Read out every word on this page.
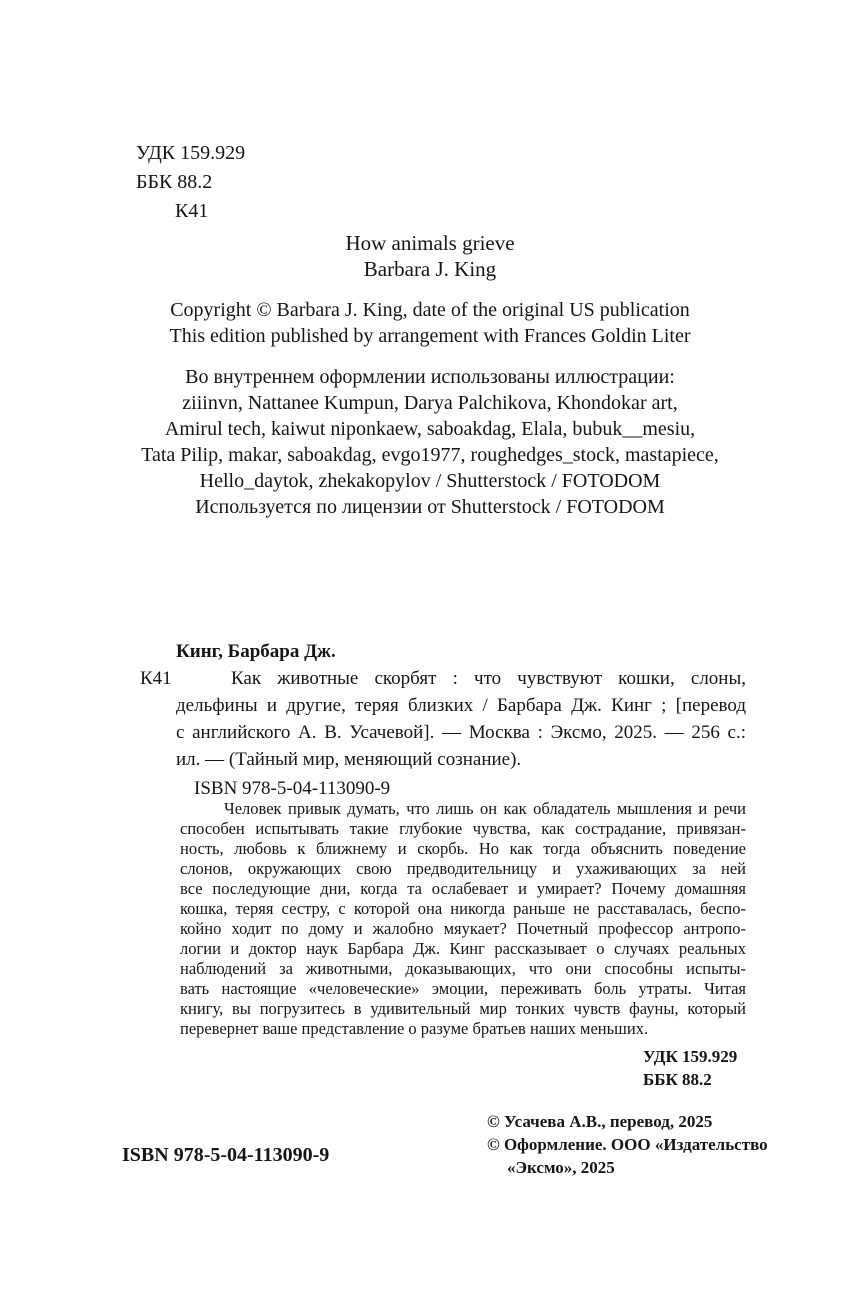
УДК 159.929
ББК 88.2
К41
How animals grieve
Barbara J. King
Copyright © Barbara J. King, date of the original US publication
This edition published by arrangement with Frances Goldin Liter
Во внутреннем оформлении использованы иллюстрации:
ziiinvn, Nattanee Kumpun, Darya Palchikova, Khondokar art,
Amirul tech, kaiwut niponkaew, saboakdag, Elala, bubuk__mesiu,
Tata Pilip, makar, saboakdag, evgo1977, roughedges_stock, mastapiece,
Hello_daytok, zhekakopylov / Shutterstock / FOTODOM
Используется по лицензии от Shutterstock / FOTODOM
Кинг, Барбара Дж.
К41	Как животные скорбят : что чувствуют кошки, слоны,
дельфины и другие, теряя близких / Барбара Дж. Кинг ; [перевод
с английского А. В. Усачевой]. — Москва : Эксмо, 2025. — 256 с.:
ил. — (Тайный мир, меняющий сознание).
ISBN 978-5-04-113090-9
Человек привык думать, что лишь он как обладатель мышления и речи
способен испытывать такие глубокие чувства, как сострадание, привязан-
ность, любовь к ближнему и скорбь. Но как тогда объяснить поведение
слонов, окружающих свою предводительницу и ухаживающих за ней
все последующие дни, когда та ослабевает и умирает? Почему домашняя
кошка, теряя сестру, с которой она никогда раньше не расставалась, беспо-
койно ходит по дому и жалобно мяукает? Почетный профессор антропо-
логии и доктор наук Барбара Дж. Кинг рассказывает о случаях реальных
наблюдений за животными, доказывающих, что они способны испыты-
вать настоящие «человеческие» эмоции, переживать боль утраты. Читая
книгу, вы погрузитесь в удивительный мир тонких чувств фауны, который
перевернет ваше представление о разуме братьев наших меньших.
УДК 159.929
ББК 88.2
© Усачева А.В., перевод, 2025
© Оформление. ООО «Издательство
«Эксмо», 2025
ISBN 978-5-04-113090-9
